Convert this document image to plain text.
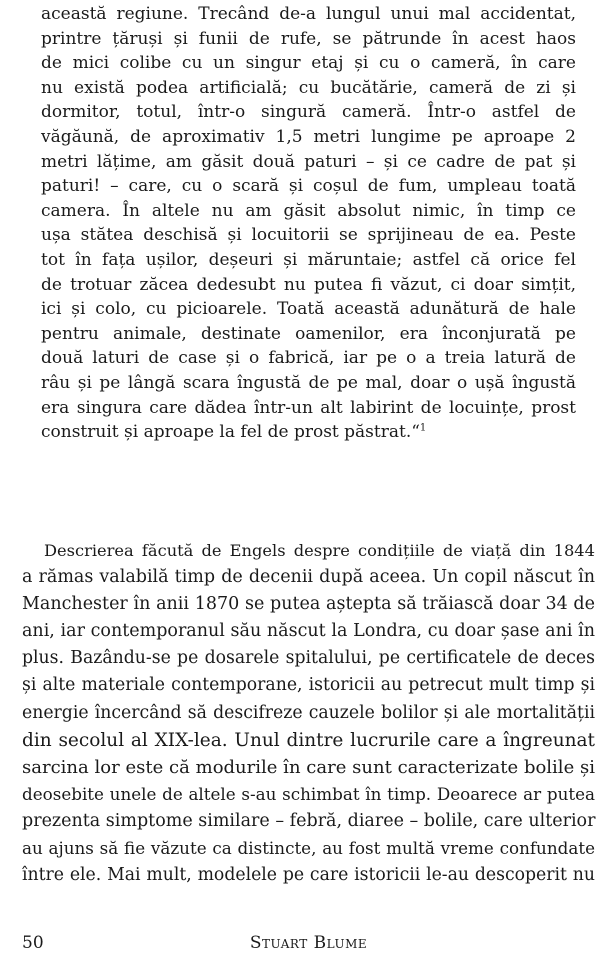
această regiune. Trecând de-a lungul unui mal accidentat,
printre țăruși și funii de rufe, se pătrunde în acest haos
de mici colibe cu un singur etaj și cu o cameră, în care
nu există podea artificială; cu bucătărie, cameră de zi și
dormitor, totul, într-o singură cameră. Într-o astfel de
văgăună, de aproximativ 1,5 metri lungime pe aproape 2
metri lățime, am găsit două paturi – și ce cadre de pat și
paturi! – care, cu o scară și coșul de fum, umpleau toată
camera. În altele nu am găsit absolut nimic, în timp ce
ușa stătea deschisă și locuitorii se sprijineau de ea. Peste
tot în fața ușilor, deșeuri și măruntaie; astfel că orice fel
de trotuar zăcea dedesubt nu putea fi văzut, ci doar simțit,
ici și colo, cu picioarele. Toată această adunătură de hale
pentru animale, destinate oamenilor, era înconjurată pe
două laturi de case și o fabrică, iar pe o a treia latură de
râu și pe lângă scara îngustă de pe mal, doar o ușă îngustă
era singura care dădea într-un alt labirint de locuințe, prost
construit și aproape la fel de prost păstrat.“$^1$
Descrierea făcută de Engels despre condițiile de viață din 1844
a rămas valabilă timp de decenii după aceea. Un copil născut în
Manchester în anii 1870 se putea aștepta să trăiască doar 34 de
ani, iar contemporanul său născut la Londra, cu doar șase ani în
plus. Bazându-se pe dosarele spitalului, pe certificatele de deces
și alte materiale contemporane, istoricii au petrecut mult timp și
energie încercând să descifreze cauzele bolilor și ale mortalității
din secolul al XIX-lea. Unul dintre lucrurile care a îngreunat
sarcina lor este că modurile în care sunt caracterizate bolile și
deosebite unele de altele s-au schimbat în timp. Deoarece ar putea
prezenta simptome similare – febră, diaree – bolile, care ulterior
au ajuns să fie văzute ca distincte, au fost multă vreme confundate
între ele. Mai mult, modelele pe care istoricii le-au descoperit nu
50	Stuart Blume
